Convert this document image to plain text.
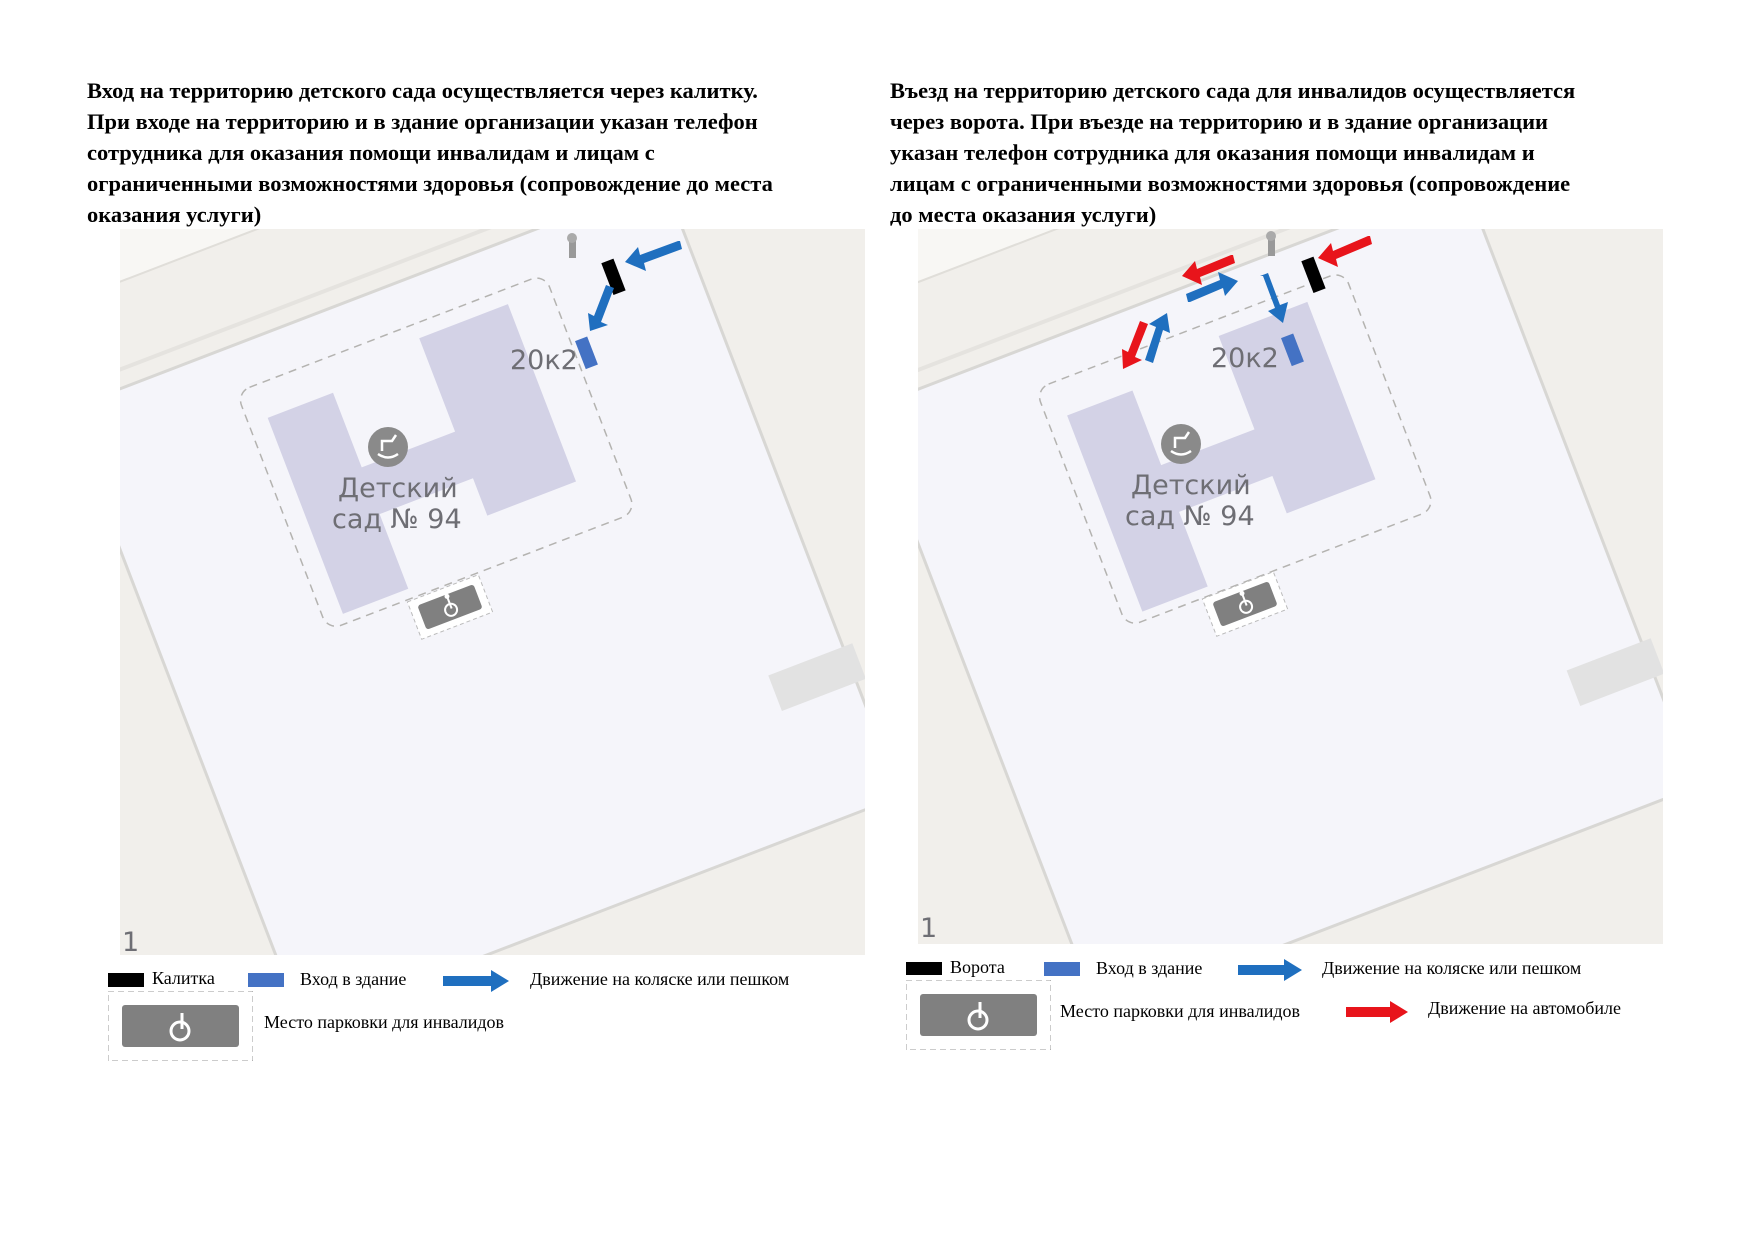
Вход на территорию детского сада осуществляется через калитку.
При входе на территорию и в здание организации указан телефон
сотрудника для оказания помощи инвалидам и лицам с
ограниченными возможностями здоровья (сопровождение до места
оказания услуги)
Въезд на территорию детского сада для инвалидов осуществляется
через ворота. При въезде на территорию и в здание организации
указан телефон сотрудника для оказания помощи инвалидам и
лицам с ограниченными возможностями здоровья (сопровождение
до места оказания услуги)
20к2
Детский
сад № 94
1
20к2
Детский
сад № 94
1
Калитка	Вход в здание	Движение на коляске или пешком
Место парковки для инвалидов
Ворота	Вход в здание	Движение на коляске или пешком
Место парковки для инвалидов	Движение на автомобиле
